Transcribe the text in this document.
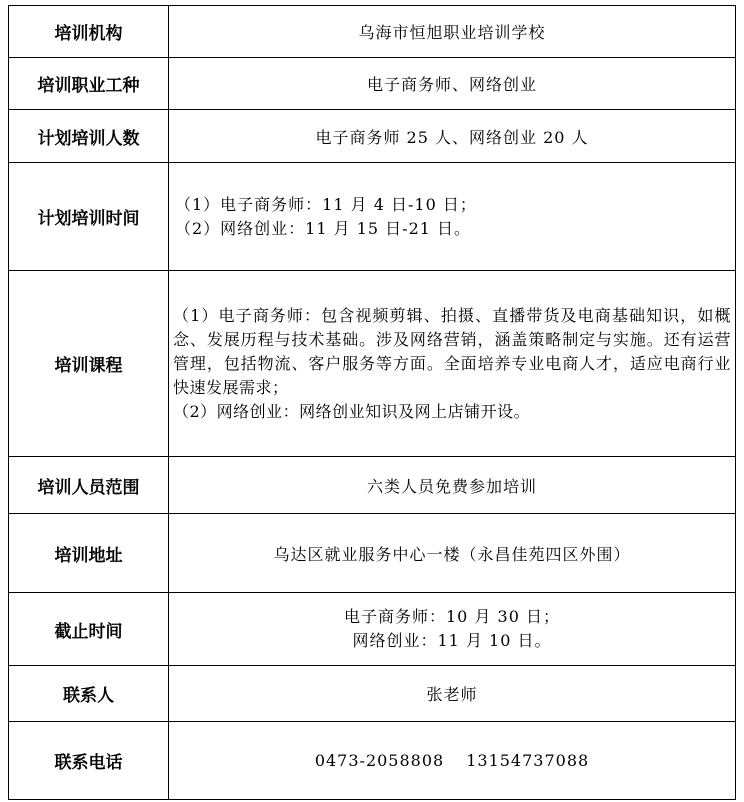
培训机构	乌海市恒旭职业培训学校
培训职业工种	电子商务师、网络创业
计划培训人数	电子商务师 25 人、网络创业 20 人
计划培训时间	（1）电子商务师：11 月 4 日-10 日；
（2）网络创业：11 月 15 日-21 日。

培训课程	（1）电子商务师：包含视频剪辑、拍摄、直播带货及电商基础知识，如概念、发展历程与技术基础。涉及网络营销，涵盖策略制定与实施。还有运营管理，包括物流、客户服务等方面。全面培养专业电商人才，适应电商行业快速发展需求；
（2）网络创业：网络创业知识及网上店铺开设。

培训人员范围	六类人员免费参加培训
培训地址	乌达区就业服务中心一楼（永昌佳苑四区外围）
截止时间	电子商务师：10 月 30 日；
网络创业：11 月 10 日。

联系人	张老师
联系电话	0473-2058808 13154737088
